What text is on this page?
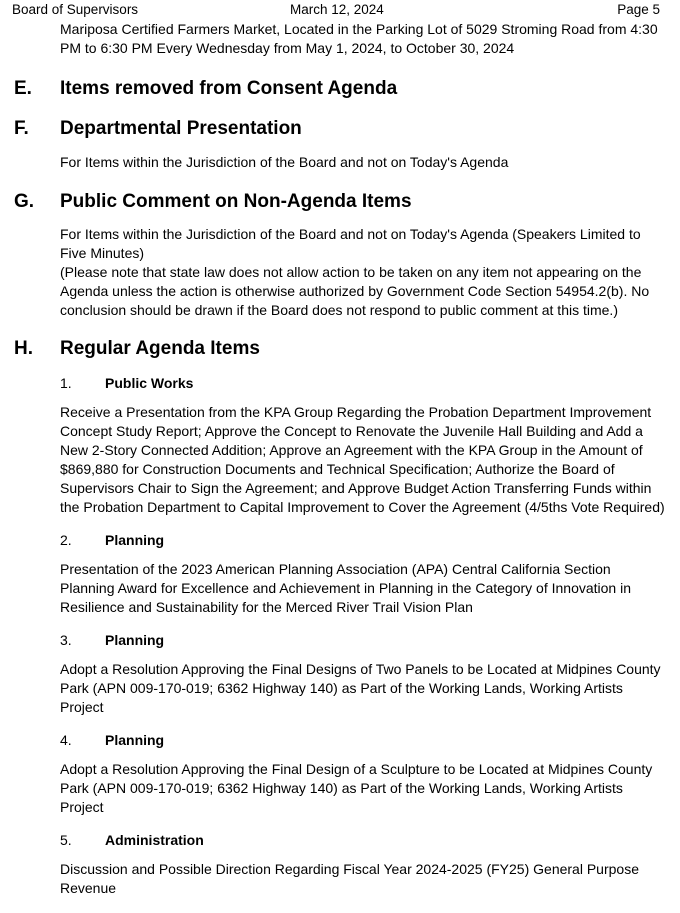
Board of Supervisors	March 12, 2024	Page 5
Mariposa Certified Farmers Market, Located in the Parking Lot of 5029 Stroming Road from 4:30 PM to 6:30 PM Every Wednesday from May 1, 2024, to October 30, 2024
E. Items removed from Consent Agenda
F. Departmental Presentation
For Items within the Jurisdiction of the Board and not on Today's Agenda
G. Public Comment on Non-Agenda Items
For Items within the Jurisdiction of the Board and not on Today's Agenda (Speakers Limited to Five Minutes)
(Please note that state law does not allow action to be taken on any item not appearing on the Agenda unless the action is otherwise authorized by Government Code Section 54954.2(b). No conclusion should be drawn if the Board does not respond to public comment at this time.)
H. Regular Agenda Items
1. Public Works
Receive a Presentation from the KPA Group Regarding the Probation Department Improvement Concept Study Report; Approve the Concept to Renovate the Juvenile Hall Building and Add a New 2-Story Connected Addition; Approve an Agreement with the KPA Group in the Amount of $869,880 for Construction Documents and Technical Specification; Authorize the Board of Supervisors Chair to Sign the Agreement; and Approve Budget Action Transferring Funds within the Probation Department to Capital Improvement to Cover the Agreement (4/5ths Vote Required)
2. Planning
Presentation of the 2023 American Planning Association (APA) Central California Section Planning Award for Excellence and Achievement in Planning in the Category of Innovation in Resilience and Sustainability for the Merced River Trail Vision Plan
3. Planning
Adopt a Resolution Approving the Final Designs of Two Panels to be Located at Midpines County Park (APN 009-170-019; 6362 Highway 140) as Part of the Working Lands, Working Artists Project
4. Planning
Adopt a Resolution Approving the Final Design of a Sculpture to be Located at Midpines County Park (APN 009-170-019; 6362 Highway 140) as Part of the Working Lands, Working Artists Project
5. Administration
Discussion and Possible Direction Regarding Fiscal Year 2024-2025 (FY25) General Purpose Revenue
